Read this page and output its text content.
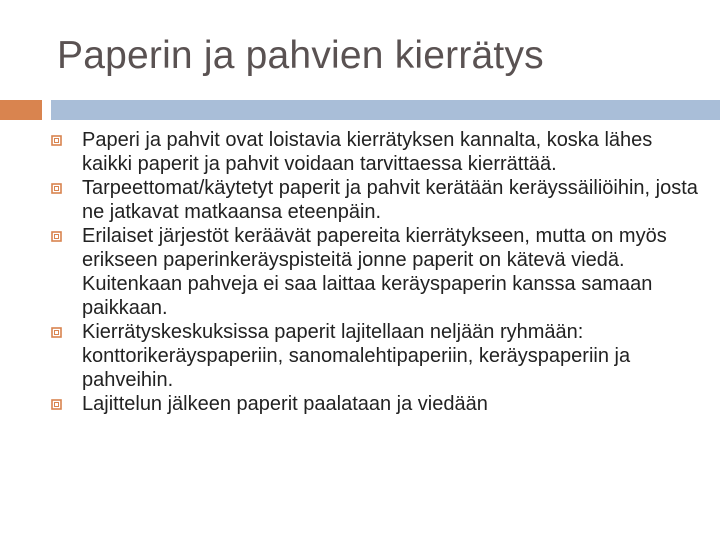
Paperin ja pahvien kierrätys
Paperi ja pahvit ovat loistavia kierrätyksen kannalta, koska lähes kaikki paperit ja pahvit voidaan tarvittaessa kierrättää.
Tarpeettomat/käytetyt paperit ja pahvit kerätään keräyssäiliöihin, josta ne jatkavat matkaansa eteenpäin.
Erilaiset järjestöt keräävät papereita kierrätykseen, mutta on myös erikseen paperinkeräyspisteitä jonne paperit on kätevä viedä. Kuitenkaan pahveja ei saa laittaa keräyspaperin kanssa samaan paikkaan.
Kierrätyskeskuksissa paperit lajitellaan neljään ryhmään: konttorikeräyspaperiin, sanomalehtipaperiin, keräyspaperiin ja pahveihin.
Lajittelun jälkeen paperit paalataan ja viedään
